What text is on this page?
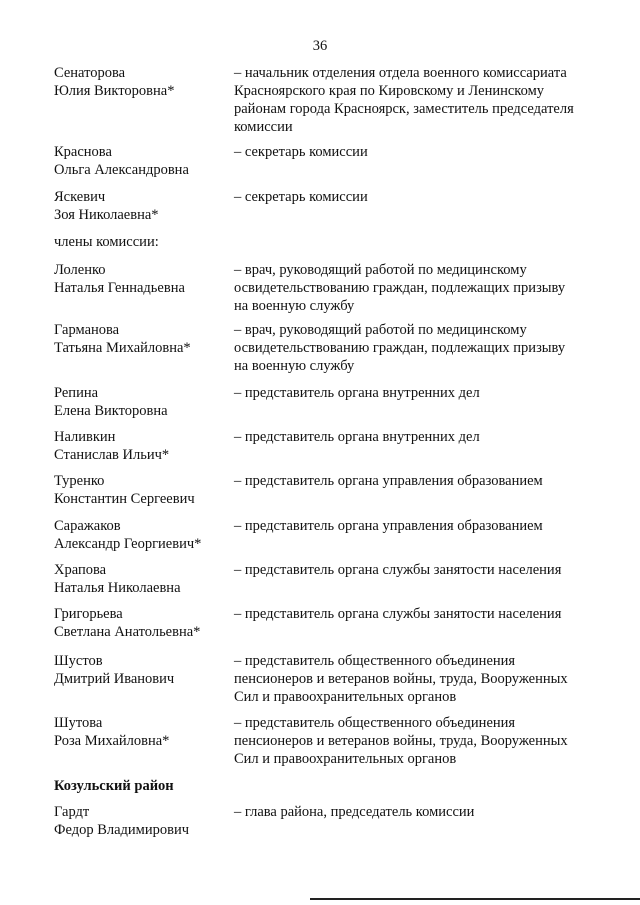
36
Сенаторова
Юлия Викторовна*
– начальник отделения отдела военного комиссариата
Красноярского края по Кировскому и Ленинскому
районам города Красноярск, заместитель председателя
комиссии
Краснова
Ольга Александровна
– секретарь комиссии
Яскевич
Зоя Николаевна*
– секретарь комиссии
члены комиссии:
Лоленко
Наталья Геннадьевна
– врач, руководящий работой по медицинскому
освидетельствованию граждан, подлежащих призыву
на военную службу
Гарманова
Татьяна Михайловна*
– врач, руководящий работой по медицинскому
освидетельствованию граждан, подлежащих призыву
на военную службу
Репина
Елена Викторовна
– представитель органа внутренних дел
Наливкин
Станислав Ильич*
– представитель органа внутренних дел
Туренко
Константин Сергеевич
– представитель органа управления образованием
Саражаков
Александр Георгиевич*
– представитель органа управления образованием
Храпова
Наталья Николаевна
– представитель органа службы занятости населения
Григорьева
Светлана Анатольевна*
– представитель органа службы занятости населения
Шустов
Дмитрий Иванович
– представитель общественного объединения
пенсионеров и ветеранов войны, труда, Вооруженных
Сил и правоохранительных органов
Шутова
Роза Михайловна*
– представитель общественного объединения
пенсионеров и ветеранов войны, труда, Вооруженных
Сил и правоохранительных органов
Козульский район
Гардт
Федор Владимирович
– глава района, председатель комиссии
